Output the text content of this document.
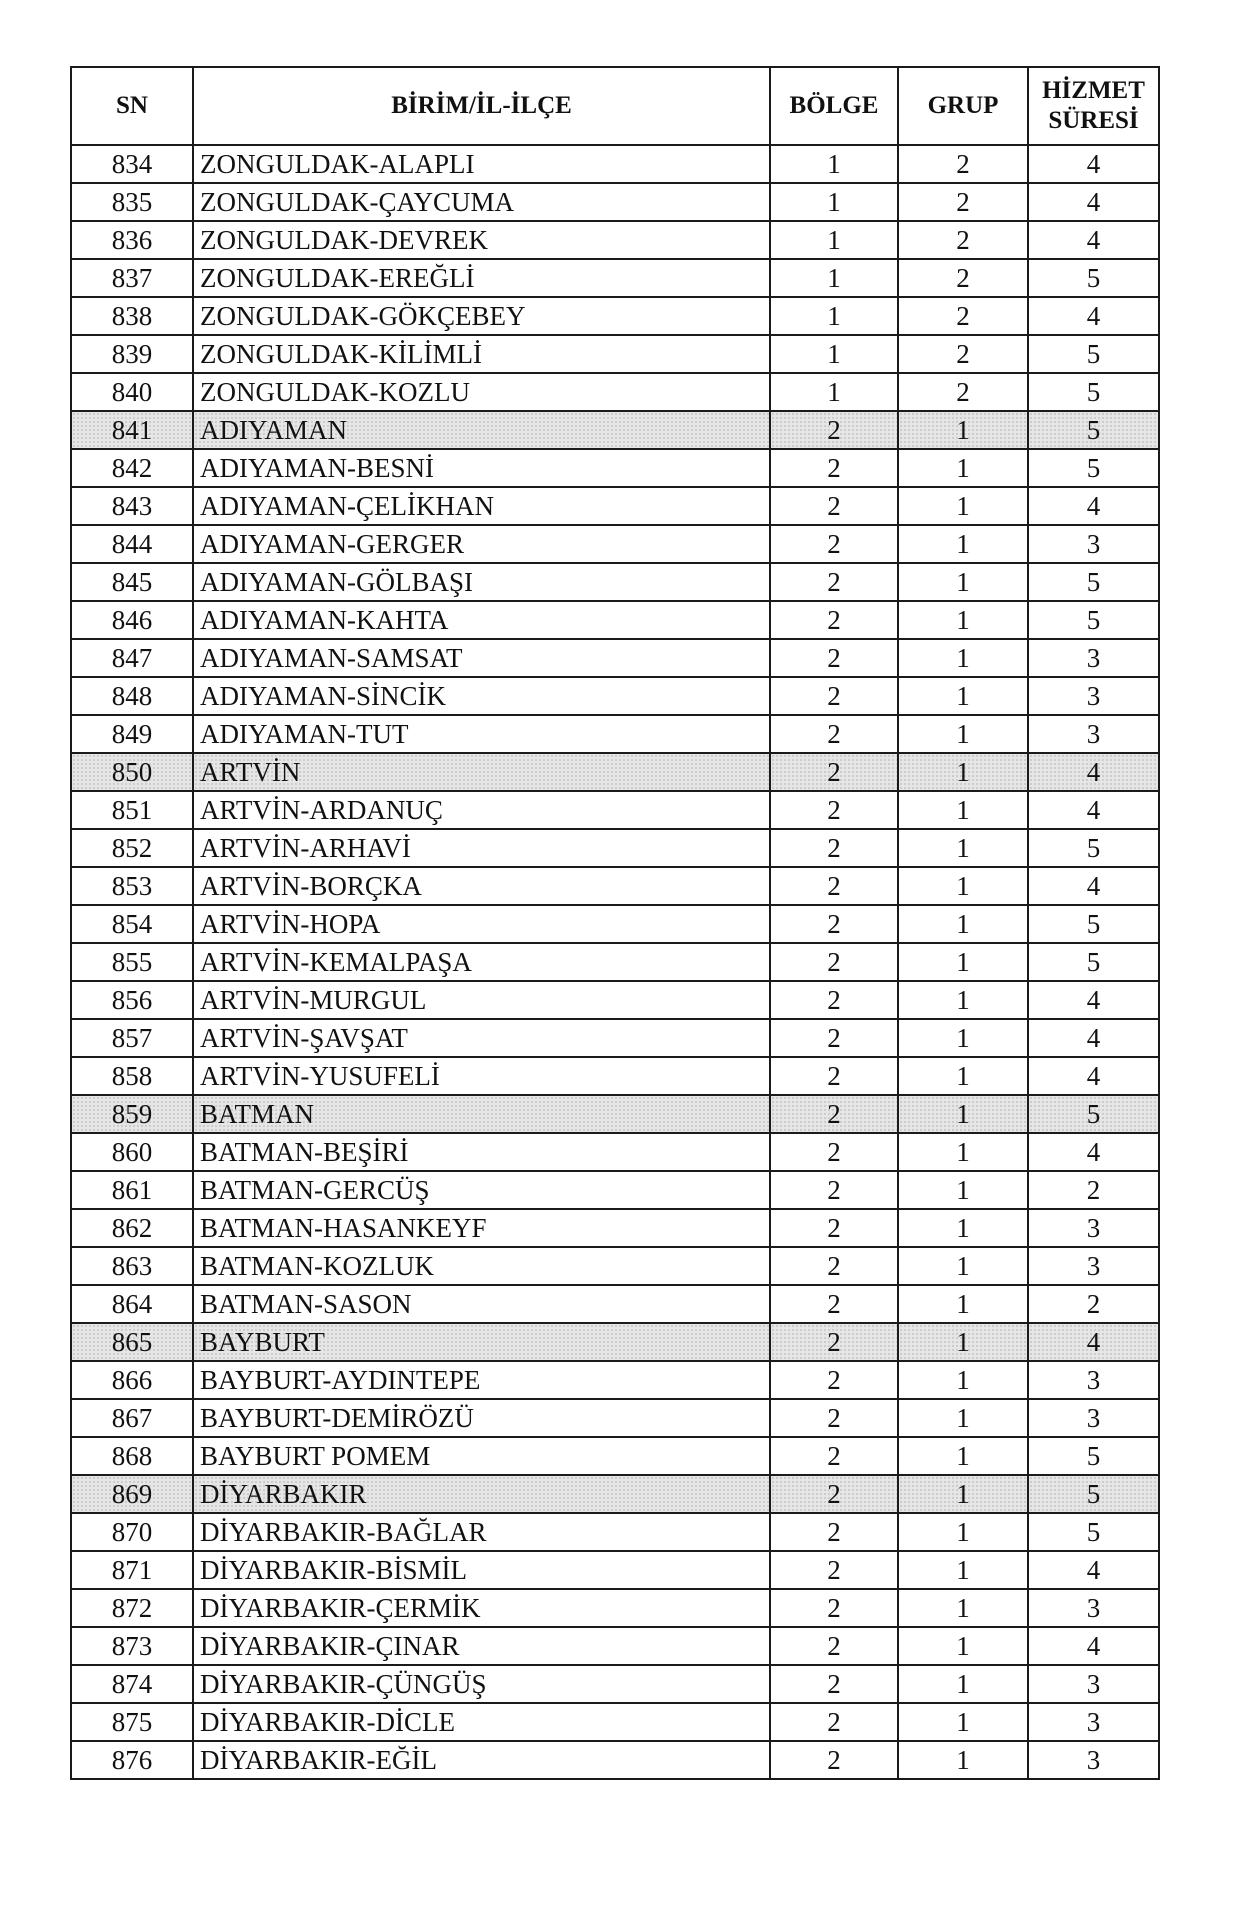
SN	BİRİM/İL-İLÇE	BÖLGE	GRUP	HİZMET
SÜRESİ

834	ZONGULDAK-ALAPLI	1	2	4
835	ZONGULDAK-ÇAYCUMA	1	2	4
836	ZONGULDAK-DEVREK	1	2	4
837	ZONGULDAK-EREĞLİ	1	2	5
838	ZONGULDAK-GÖKÇEBEY	1	2	4
839	ZONGULDAK-KİLİMLİ	1	2	5
840	ZONGULDAK-KOZLU	1	2	5
841	ADIYAMAN	2	1	5
842	ADIYAMAN-BESNİ	2	1	5
843	ADIYAMAN-ÇELİKHAN	2	1	4
844	ADIYAMAN-GERGER	2	1	3
845	ADIYAMAN-GÖLBAŞI	2	1	5
846	ADIYAMAN-KAHTA	2	1	5
847	ADIYAMAN-SAMSAT	2	1	3
848	ADIYAMAN-SİNCİK	2	1	3
849	ADIYAMAN-TUT	2	1	3
850	ARTVİN	2	1	4
851	ARTVİN-ARDANUÇ	2	1	4
852	ARTVİN-ARHAVİ	2	1	5
853	ARTVİN-BORÇKA	2	1	4
854	ARTVİN-HOPA	2	1	5
855	ARTVİN-KEMALPAŞA	2	1	5
856	ARTVİN-MURGUL	2	1	4
857	ARTVİN-ŞAVŞAT	2	1	4
858	ARTVİN-YUSUFELİ	2	1	4
859	BATMAN	2	1	5
860	BATMAN-BEŞİRİ	2	1	4
861	BATMAN-GERCÜŞ	2	1	2
862	BATMAN-HASANKEYF	2	1	3
863	BATMAN-KOZLUK	2	1	3
864	BATMAN-SASON	2	1	2
865	BAYBURT	2	1	4
866	BAYBURT-AYDINTEPE	2	1	3
867	BAYBURT-DEMİRÖZÜ	2	1	3
868	BAYBURT POMEM	2	1	5
869	DİYARBAKIR	2	1	5
870	DİYARBAKIR-BAĞLAR	2	1	5
871	DİYARBAKIR-BİSMİL	2	1	4
872	DİYARBAKIR-ÇERMİK	2	1	3
873	DİYARBAKIR-ÇINAR	2	1	4
874	DİYARBAKIR-ÇÜNGÜŞ	2	1	3
875	DİYARBAKIR-DİCLE	2	1	3
876	DİYARBAKIR-EĞİL	2	1	3
